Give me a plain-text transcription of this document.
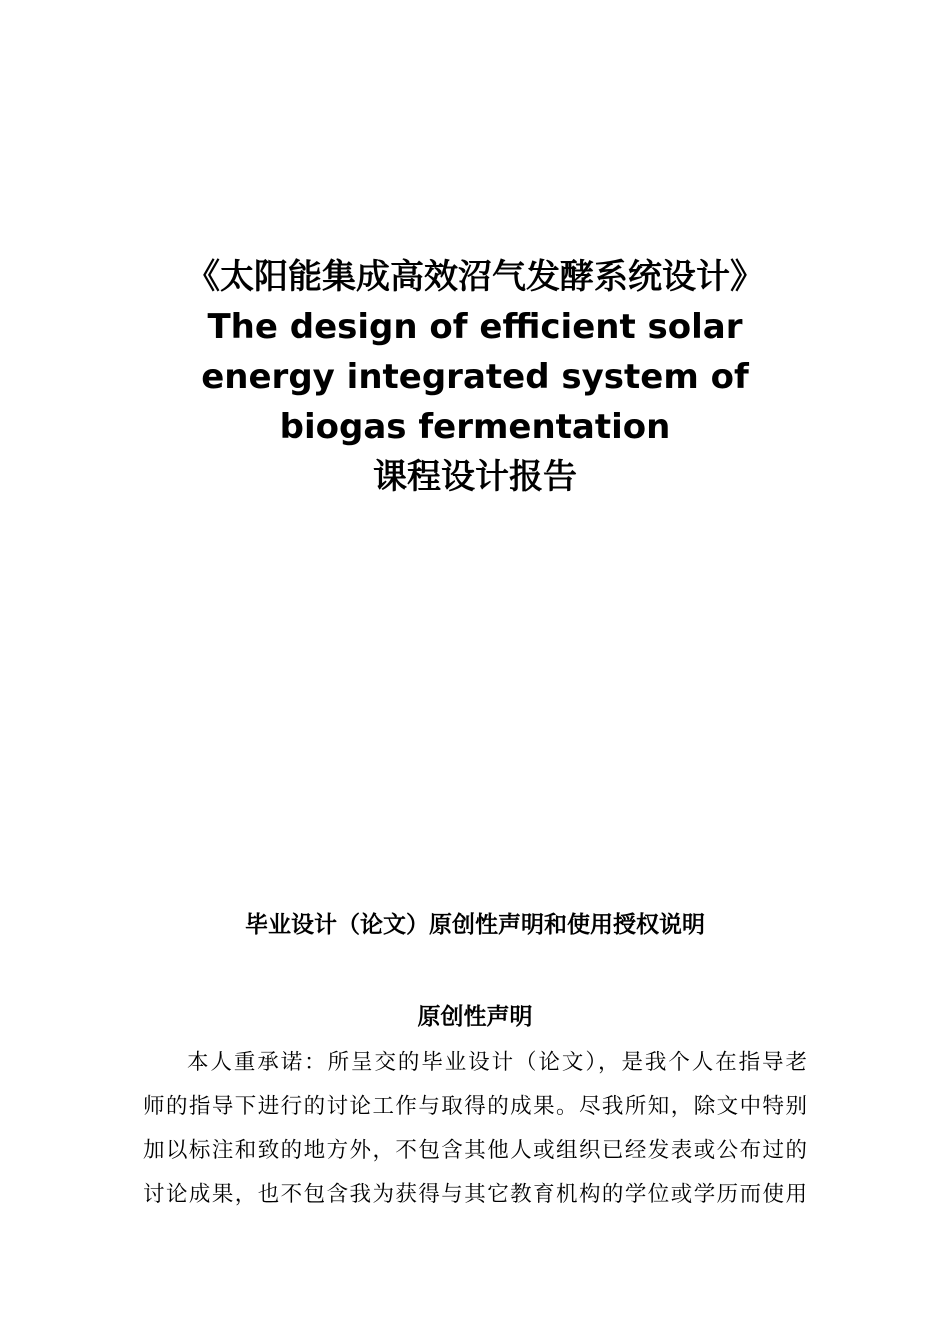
《太阳能集成高效沼气发酵系统设计》
The design of efficient solar
energy integrated system of
biogas fermentation
课程设计报告
毕业设计（论文）原创性声明和使用授权说明
原创性声明
本人重承诺：所呈交的毕业设计（论文），是我个人在指导老
师的指导下进行的讨论工作与取得的成果。尽我所知，除文中特别
加以标注和致的地方外，不包含其他人或组织已经发表或公布过的
讨论成果，也不包含我为获得与其它教育机构的学位或学历而使用
